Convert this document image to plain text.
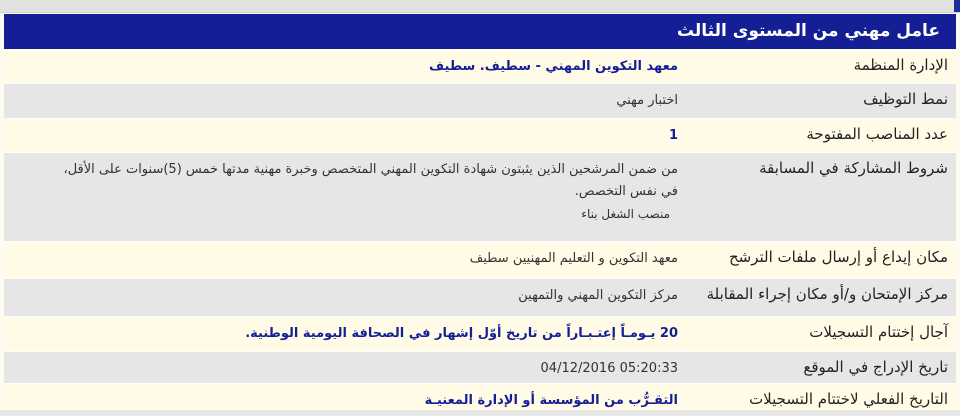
عامل مهني من المستوى الثالث
الإدارة المنظمة
معهد التكوين المهني - سطيف. سطيف
نمط التوظيف
اختبار مهني
عدد المناصب المفتوحة
1
شروط المشاركة في المسابقة
من ضمن المرشحين الذين يثبتون شهادة التكوين المهني المتخصص وخبرة مهنية مدتها خمس (5)سنوات على الأقل،
في نفس التخصص.
منصب الشغل بناء
مكان إيداع أو إرسال ملفات الترشح
معهد التكوين و التعليم المهنيين سطيف
مركز الإمتحان و/أو مكان إجراء المقابلة
مركز التكوين المهني والتمهين
آجال إختتام التسجيلات
20 يـومـاً إعتـبـاراً من تاريخ أوّل إشهار في الصحافة اليومية الوطنية.
تاريخ الإدراج في الموقع
05:20:33 04/12/2016
التاريخ الفعلي لاختتام التسجيلات
التقـرُّب من المؤسسة أو الإدارة المعنيـة
